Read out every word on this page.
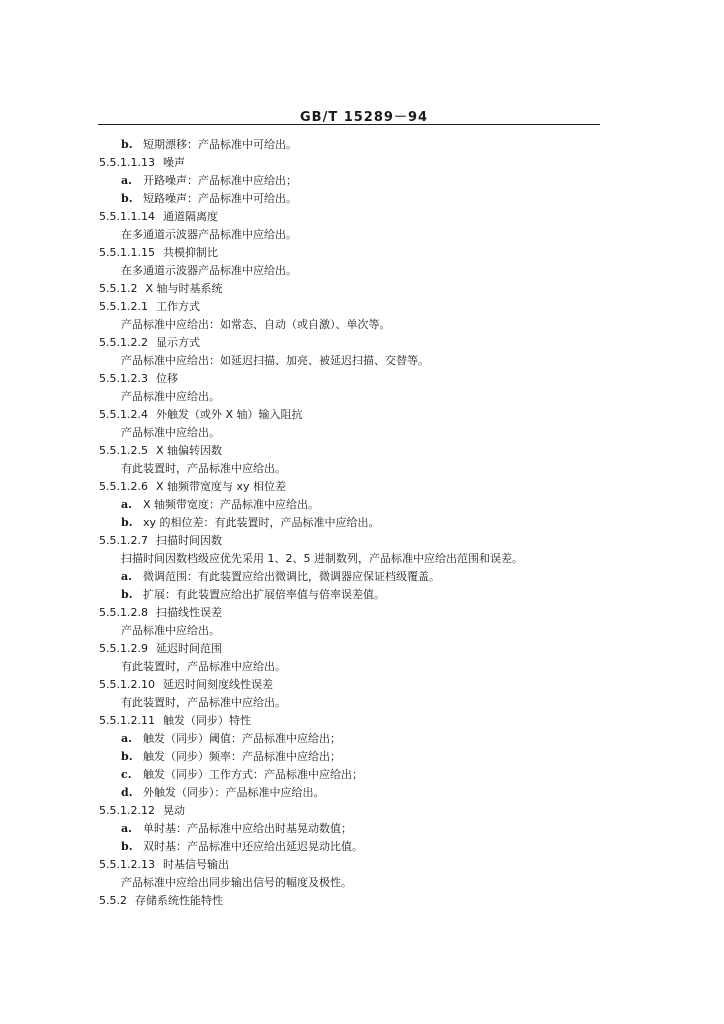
GB/T 15289－94
b. 短期漂移：产品标准中可给出。
5.5.1.1.13 噪声
a. 开路噪声：产品标准中应给出；
b. 短路噪声：产品标准中可给出。
5.5.1.1.14 通道隔离度
在多通道示波器产品标准中应给出。
5.5.1.1.15 共模抑制比
在多通道示波器产品标准中应给出。
5.5.1.2 X 轴与时基系统
5.5.1.2.1 工作方式
产品标准中应给出：如常态、自动（或自激）、单次等。
5.5.1.2.2 显示方式
产品标准中应给出：如延迟扫描、加亮、被延迟扫描、交替等。
5.5.1.2.3 位移
产品标准中应给出。
5.5.1.2.4 外触发（或外 X 轴）输入阻抗
产品标准中应给出。
5.5.1.2.5 X 轴偏转因数
有此装置时，产品标准中应给出。
5.5.1.2.6 X 轴频带宽度与 xy 相位差
a. X 轴频带宽度：产品标准中应给出。
b. xy 的相位差：有此装置时，产品标准中应给出。
5.5.1.2.7 扫描时间因数
扫描时间因数档级应优先采用 1、2、5 进制数列，产品标准中应给出范围和误差。
a. 微调范围：有此装置应给出微调比，微调器应保证档级覆盖。
b. 扩展：有此装置应给出扩展倍率值与倍率误差值。
5.5.1.2.8 扫描线性误差
产品标准中应给出。
5.5.1.2.9 延迟时间范围
有此装置时，产品标准中应给出。
5.5.1.2.10 延迟时间刻度线性误差
有此装置时，产品标准中应给出。
5.5.1.2.11 触发（同步）特性
a. 触发（同步）阈值：产品标准中应给出；
b. 触发（同步）频率：产品标准中应给出；
c. 触发（同步）工作方式：产品标准中应给出；
d. 外触发（同步）：产品标准中应给出。
5.5.1.2.12 晃动
a. 单时基：产品标准中应给出时基晃动数值；
b. 双时基：产品标准中还应给出延迟晃动比值。
5.5.1.2.13 时基信号输出
产品标准中应给出同步输出信号的幅度及极性。
5.5.2 存储系统性能特性
